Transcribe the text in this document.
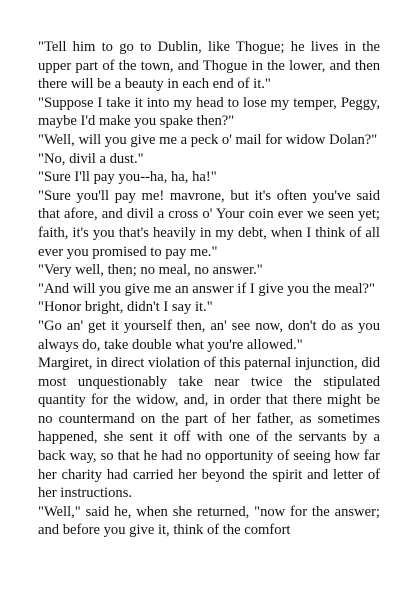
"Tell him to go to Dublin, like Thogue; he lives in the upper part of the town, and Thogue in the lower, and then there will be a beauty in each end of it."

"Suppose I take it into my head to lose my temper, Peggy, maybe I'd make you spake then?"

"Well, will you give me a peck o' mail for widow Dolan?"

"No, divil a dust."

"Sure I'll pay you--ha, ha, ha!"

"Sure you'll pay me! mavrone, but it's often you've said that afore, and divil a cross o' Your coin ever we seen yet; faith, it's you that's heavily in my debt, when I think of all ever you promised to pay me."

"Very well, then; no meal, no answer."

"And will you give me an answer if I give you the meal?"

"Honor bright, didn't I say it."

"Go an' get it yourself then, an' see now, don't do as you always do, take double what you're allowed."

Margiret, in direct violation of this paternal injunction, did most unquestionably take near twice the stipulated quantity for the widow, and, in order that there might be no countermand on the part of her father, as sometimes happened, she sent it off with one of the servants by a back way, so that he had no opportunity of seeing how far her charity had carried her beyond the spirit and letter of her instructions.

"Well," said he, when she returned, "now for the answer; and before you give it, think of the comfort
